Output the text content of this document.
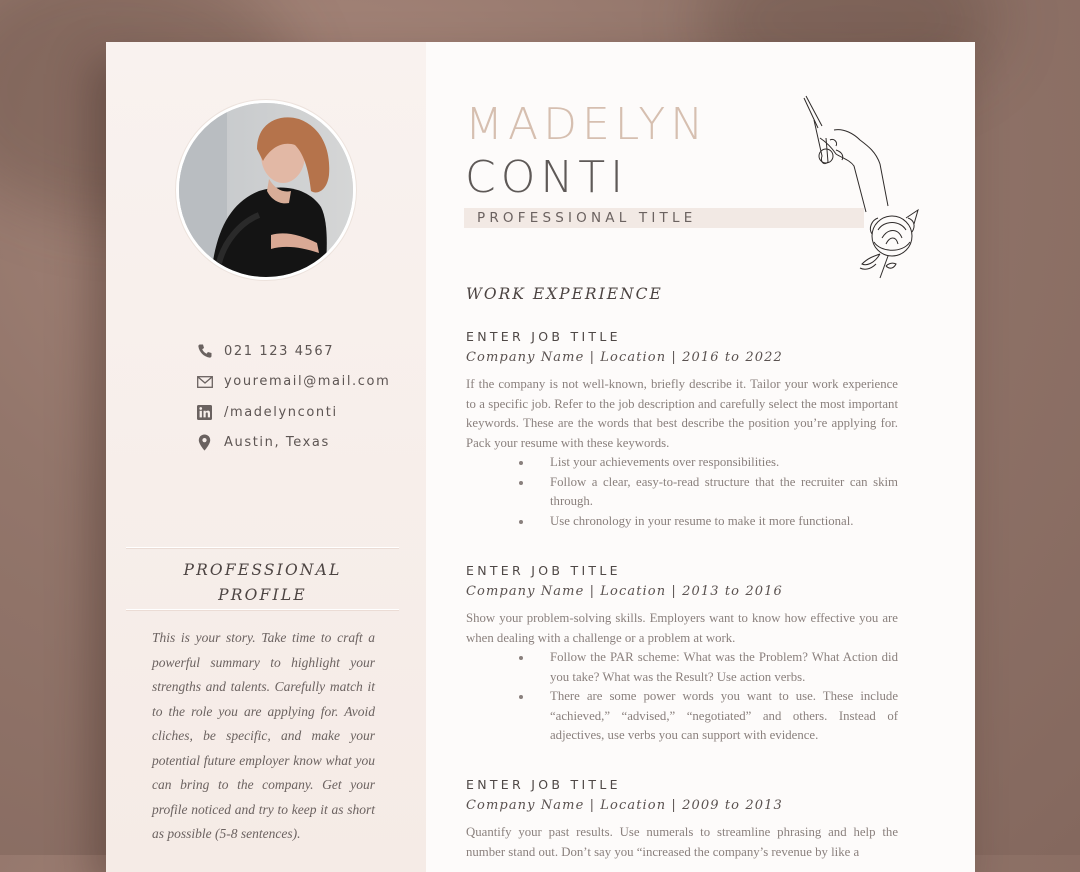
021 123 4567
youremail@mail.com
/madelynconti
Austin, Texas
PROFESSIONAL
PROFILE
This is your story. Take time to craft a powerful summary to highlight your strengths and talents. Carefully match it to the role you are applying for. Avoid cliches, be specific, and make your potential future employer know what you can bring to the company. Get your profile noticed and try to keep it as short as possible (5-8 sentences).
MADELYN
CONTI
PROFESSIONAL TITLE
WORK EXPERIENCE
ENTER JOB TITLE
Company Name | Location | 2016 to 2022
If the company is not well-known, briefly describe it. Tailor your work experience to a specific job. Refer to the job description and carefully select the most important keywords. These are the words that best describe the position you’re applying for. Pack your resume with these keywords.
List your achievements over responsibilities.
Follow a clear, easy-to-read structure that the recruiter can skim through.
Use chronology in your resume to make it more functional.
ENTER JOB TITLE
Company Name | Location | 2013 to 2016
Show your problem-solving skills. Employers want to know how effective you are when dealing with a challenge or a problem at work.
Follow the PAR scheme: What was the Problem? What Action did you take? What was the Result? Use action verbs.
There are some power words you want to use. These include “achieved,” “advised,” “negotiated” and others. Instead of adjectives, use verbs you can support with evidence.
ENTER JOB TITLE
Company Name | Location | 2009 to 2013
Quantify your past results. Use numerals to streamline phrasing and help the number stand out. Don’t say you “increased the company’s revenue by like a
